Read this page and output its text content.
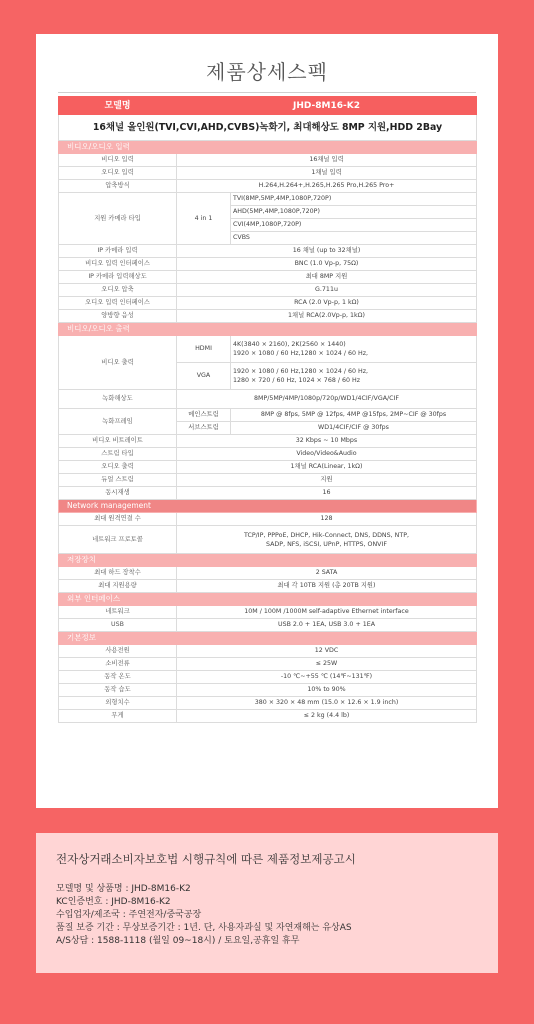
제품상세스펙
모델명	JHD-8M16-K2	
16채널 올인원(TVI,CVI,AHD,CVBS)녹화기, 최대해상도 8MP 지원,HDD 2Bay		
비디오/오디오 입력		
비디오 입력	16채널 입력	
오디오 입력	1채널 입력	
압축방식	H.264,H.264+,H.265,H.265 Pro,H.265 Pro+	
지원 카메라 타입	4 in 1	TVI(8MP,5MP,4MP,1080P,720P)
		AHD(5MP,4MP,1080P,720P)
		CVI(4MP,1080P,720P)
		CVBS
IP 카메라 입력	16 채널 (up to 32채널)	
비디오 입력 인터페이스	BNC (1.0 Vp-p, 75Ω)	
IP 카메라 입력해상도	최대 8MP 지원	
오디오 압축	G.711u	
오디오 입력 인터페이스	RCA (2.0 Vp-p, 1 kΩ)	
양방향 음성	1채널 RCA(2.0Vp-p, 1kΩ)	
비디오/오디오 출력		
비디오 출력	HDMI	4K(3840 × 2160), 2K(2560 × 1440)
1920 × 1080 / 60 Hz,1280 × 1024 / 60 Hz,
	VGA	1920 × 1080 / 60 Hz,1280 × 1024 / 60 Hz,
1280 × 720 / 60 Hz, 1024 × 768 / 60 Hz
녹화해상도	8MP/5MP/4MP/1080p/720p/WD1/4CIF/VGA/CIF	
녹화프레임	메인스트림	8MP @ 8fps, 5MP @ 12fps, 4MP @15fps, 2MP~CIF @ 30fps
	서브스트림	WD1/4CIF/CIF @ 30fps
비디오 비트레이트	32 Kbps ~ 10 Mbps	
스트림 타입	Video/Video&Audio	
오디오 출력	1채널 RCA(Linear, 1kΩ)	
듀얼 스트림	지원	
동시재생	16	
Network management		
최대 원격연결 수	128	
네트워크 프로토콜	TCP/IP, PPPoE, DHCP, Hik-Connect, DNS, DDNS, NTP,
SADP, NFS, iSCSI, UPnP, HTTPS, ONVIF	
저장장치		
최대 하드 장착수	2 SATA	
최대 지원용량	최대 각 10TB 지원 (총 20TB 지원)	
외부 인터페이스		
네트워크	10M / 100M /1000M self-adaptive Ethernet interface	
USB	USB 2.0 + 1EA, USB 3.0 + 1EA	
기본정보		
사용전원	12 VDC	
소비전류	≤ 25W	
동작 온도	-10 ℃~+55 ℃ (14℉~131℉)	
동작 습도	10% to 90%	
외형치수	380 × 320 × 48 mm (15.0 × 12.6 × 1.9 inch)	
무게	≤ 2 kg (4.4 lb)	
전자상거래소비자보호법 시행규칙에 따른 제품정보제공고시
모델명 및 상품명 : JHD-8M16-K2
KC인증번호 : JHD-8M16-K2
수입업자/제조국 : 주연전자/중국공장
품질 보증 기간 : 무상보증기간 : 1년. 단, 사용자과실 및 자연재해는 유상AS
A/S상담 : 1588-1118 (월일 09~18시) / 토요일,공휴일 휴무
